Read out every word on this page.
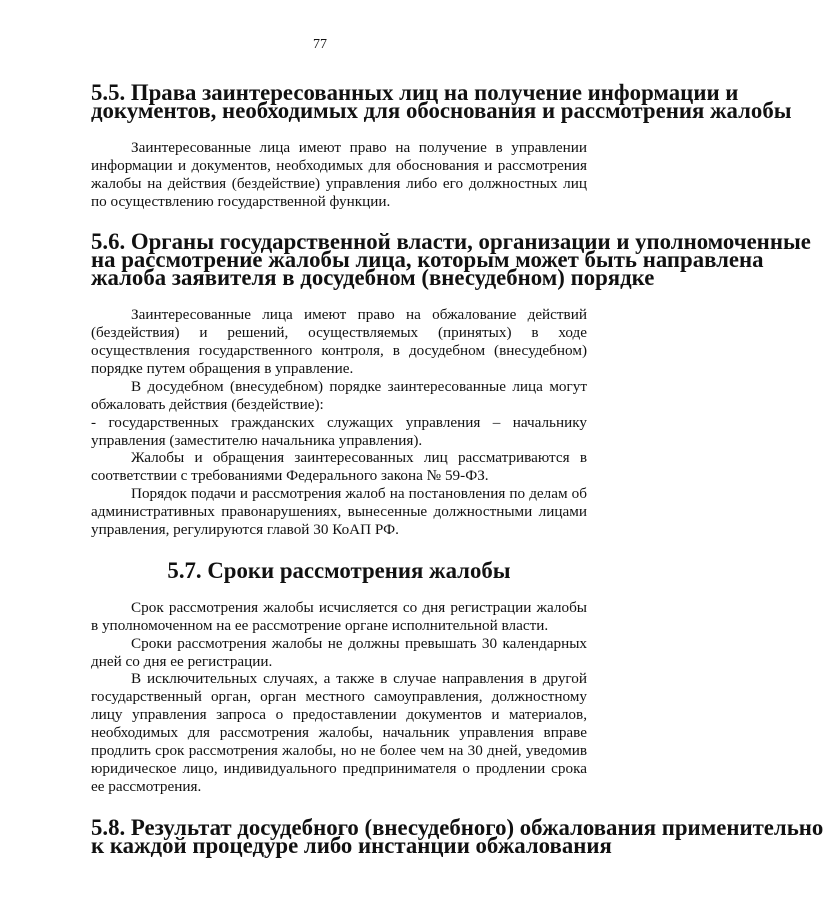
77
5.5. Права заинтересованных лиц на получение информации и
документов, необходимых для обоснования и рассмотрения жалобы

Заинтересованные лица имеют право на получение в управлении информации и документов, необходимых для обоснования и рассмотрения жалобы на действия (бездействие) управления либо его должностных лиц по осуществлению государственной функции.

5.6. Органы государственной власти, организации и уполномоченные
на рассмотрение жалобы лица, которым может быть направлена
жалоба заявителя в досудебном (внесудебном) порядке

Заинтересованные лица имеют право на обжалование действий (бездействия) и решений, осуществляемых (принятых) в ходе осуществления государственного контроля, в досудебном (внесудебном) порядке путем обращения в управление.

В досудебном (внесудебном) порядке заинтересованные лица могут обжаловать действия (бездействие):

- государственных гражданских служащих управления – начальнику управления (заместителю начальника управления).

Жалобы и обращения заинтересованных лиц рассматриваются в соответствии с требованиями Федерального закона № 59-ФЗ.

Порядок подачи и рассмотрения жалоб на постановления по делам об административных правонарушениях, вынесенные должностными лицами управления, регулируются главой 30 КоАП РФ.

5.7. Сроки рассмотрения жалобы

Срок рассмотрения жалобы исчисляется со дня регистрации жалобы в уполномоченном на ее рассмотрение органе исполнительной власти.

Сроки рассмотрения жалобы не должны превышать 30 календарных дней со дня ее регистрации.

В исключительных случаях, а также в случае направления в другой государственный орган, орган местного самоуправления, должностному лицу управления запроса о предоставлении документов и материалов, необходимых для рассмотрения жалобы, начальник управления вправе продлить срок рассмотрения жалобы, но не более чем на 30 дней, уведомив юридическое лицо, индивидуального предпринимателя о продлении срока ее рассмотрения.

5.8. Результат досудебного (внесудебного) обжалования применительно
к каждой процедуре либо инстанции обжалования
